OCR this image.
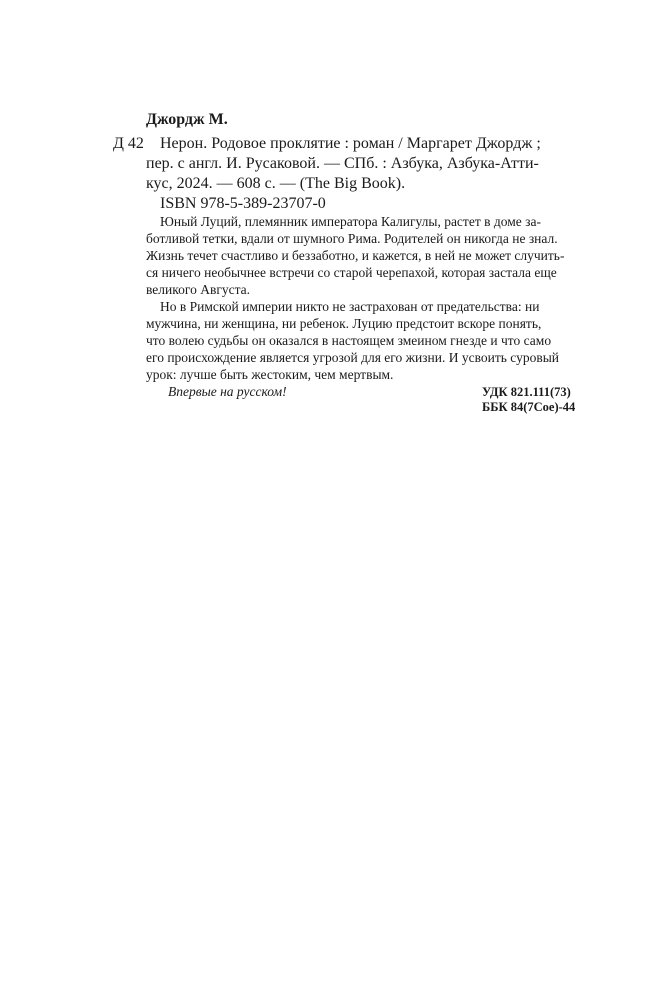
Джордж М.
Д 42	Нерон. Родовое проклятие : роман / Маргарет Джордж ;
пер. с англ. И. Русаковой. — СПб. : Азбука, Азбука-Атти-
кус, 2024. — 608 с. — (The Big Book).
ISBN 978-5-389-23707-0
Юный Луций, племянник императора Калигулы, растет в доме за-
ботливой тетки, вдали от шумного Рима. Родителей он никогда не знал.
Жизнь течет счастливо и беззаботно, и кажется, в ней не может случить-
ся ничего необычнее встречи со старой черепахой, которая застала еще
великого Августа.
Но в Римской империи никто не застрахован от предательства: ни
мужчина, ни женщина, ни ребенок. Луцию предстоит вскоре понять,
что волею судьбы он оказался в настоящем змеином гнезде и что само
его происхождение является угрозой для его жизни. И усвоить суровый
урок: лучше быть жестоким, чем мертвым.
Впервые на русском!	УДК 821.111(73)
ББК 84(7Сое)-44
